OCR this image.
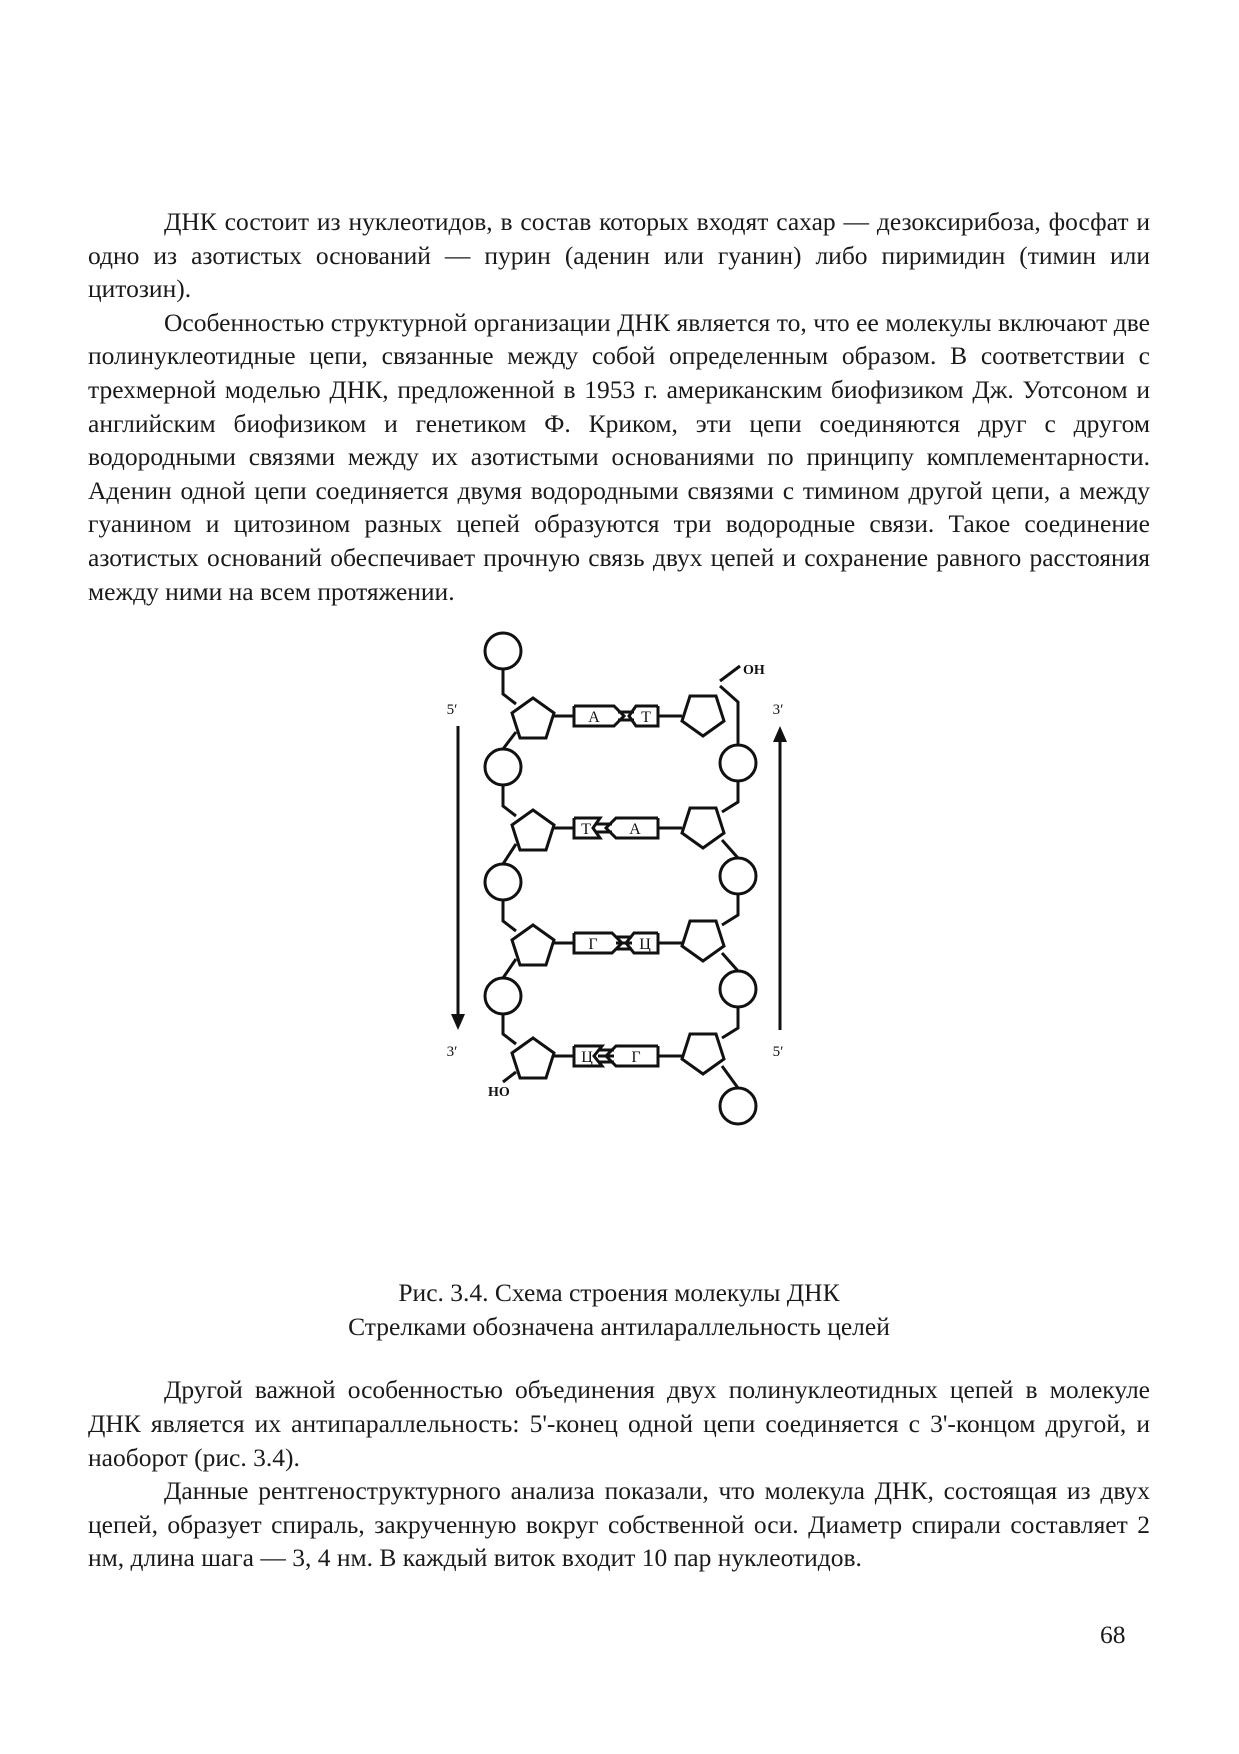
ДНК состоит из нуклеотидов, в состав которых входят сахар — дезоксирибоза, фосфат и одно из азотистых оснований — пурин (аденин или гуанин) либо пиримидин (тимин или цитозин).

Особенностью структурной организации ДНК является то, что ее молекулы включают две полинуклеотидные цепи, связанные между собой определенным образом. В соответствии с трехмерной моделью ДНК, предложенной в 1953 г. американским биофизиком Дж. Уотсоном и английским биофизиком и генетиком Ф. Криком, эти цепи соединяются друг с другом водородными связями между их азотистыми основаниями по принципу комплементарности. Аденин одной цепи соединяется двумя водородными связями с тимином другой цепи, а между гуанином и цитозином разных цепей образуются три водородные связи. Такое соединение азотистых оснований обеспечивает прочную связь двух цепей и сохранение равного расстояния между ними на всем протяжении.

5′
3′
3′
5′
OH
HO
А	Т
Т А
Г	Ц
Ц Г

Рис. 3.4. Схема строения молекулы ДНК

Стрелками обозначена антилараллельность целей

Другой важной особенностью объединения двух полинуклеотидных цепей в молекуле ДНК является их антипараллельность: 5'-конец одной цепи соединяется с 3'-концом другой, и наоборот (рис. 3.4).

Данные рентгеноструктурного анализа показали, что молекула ДНК, состоящая из двух цепей, образует спираль, закрученную вокруг собственной оси. Диаметр спирали составляет 2 нм, длина шага — 3, 4 нм. В каждый виток входит 10 пар нуклеотидов.

68
